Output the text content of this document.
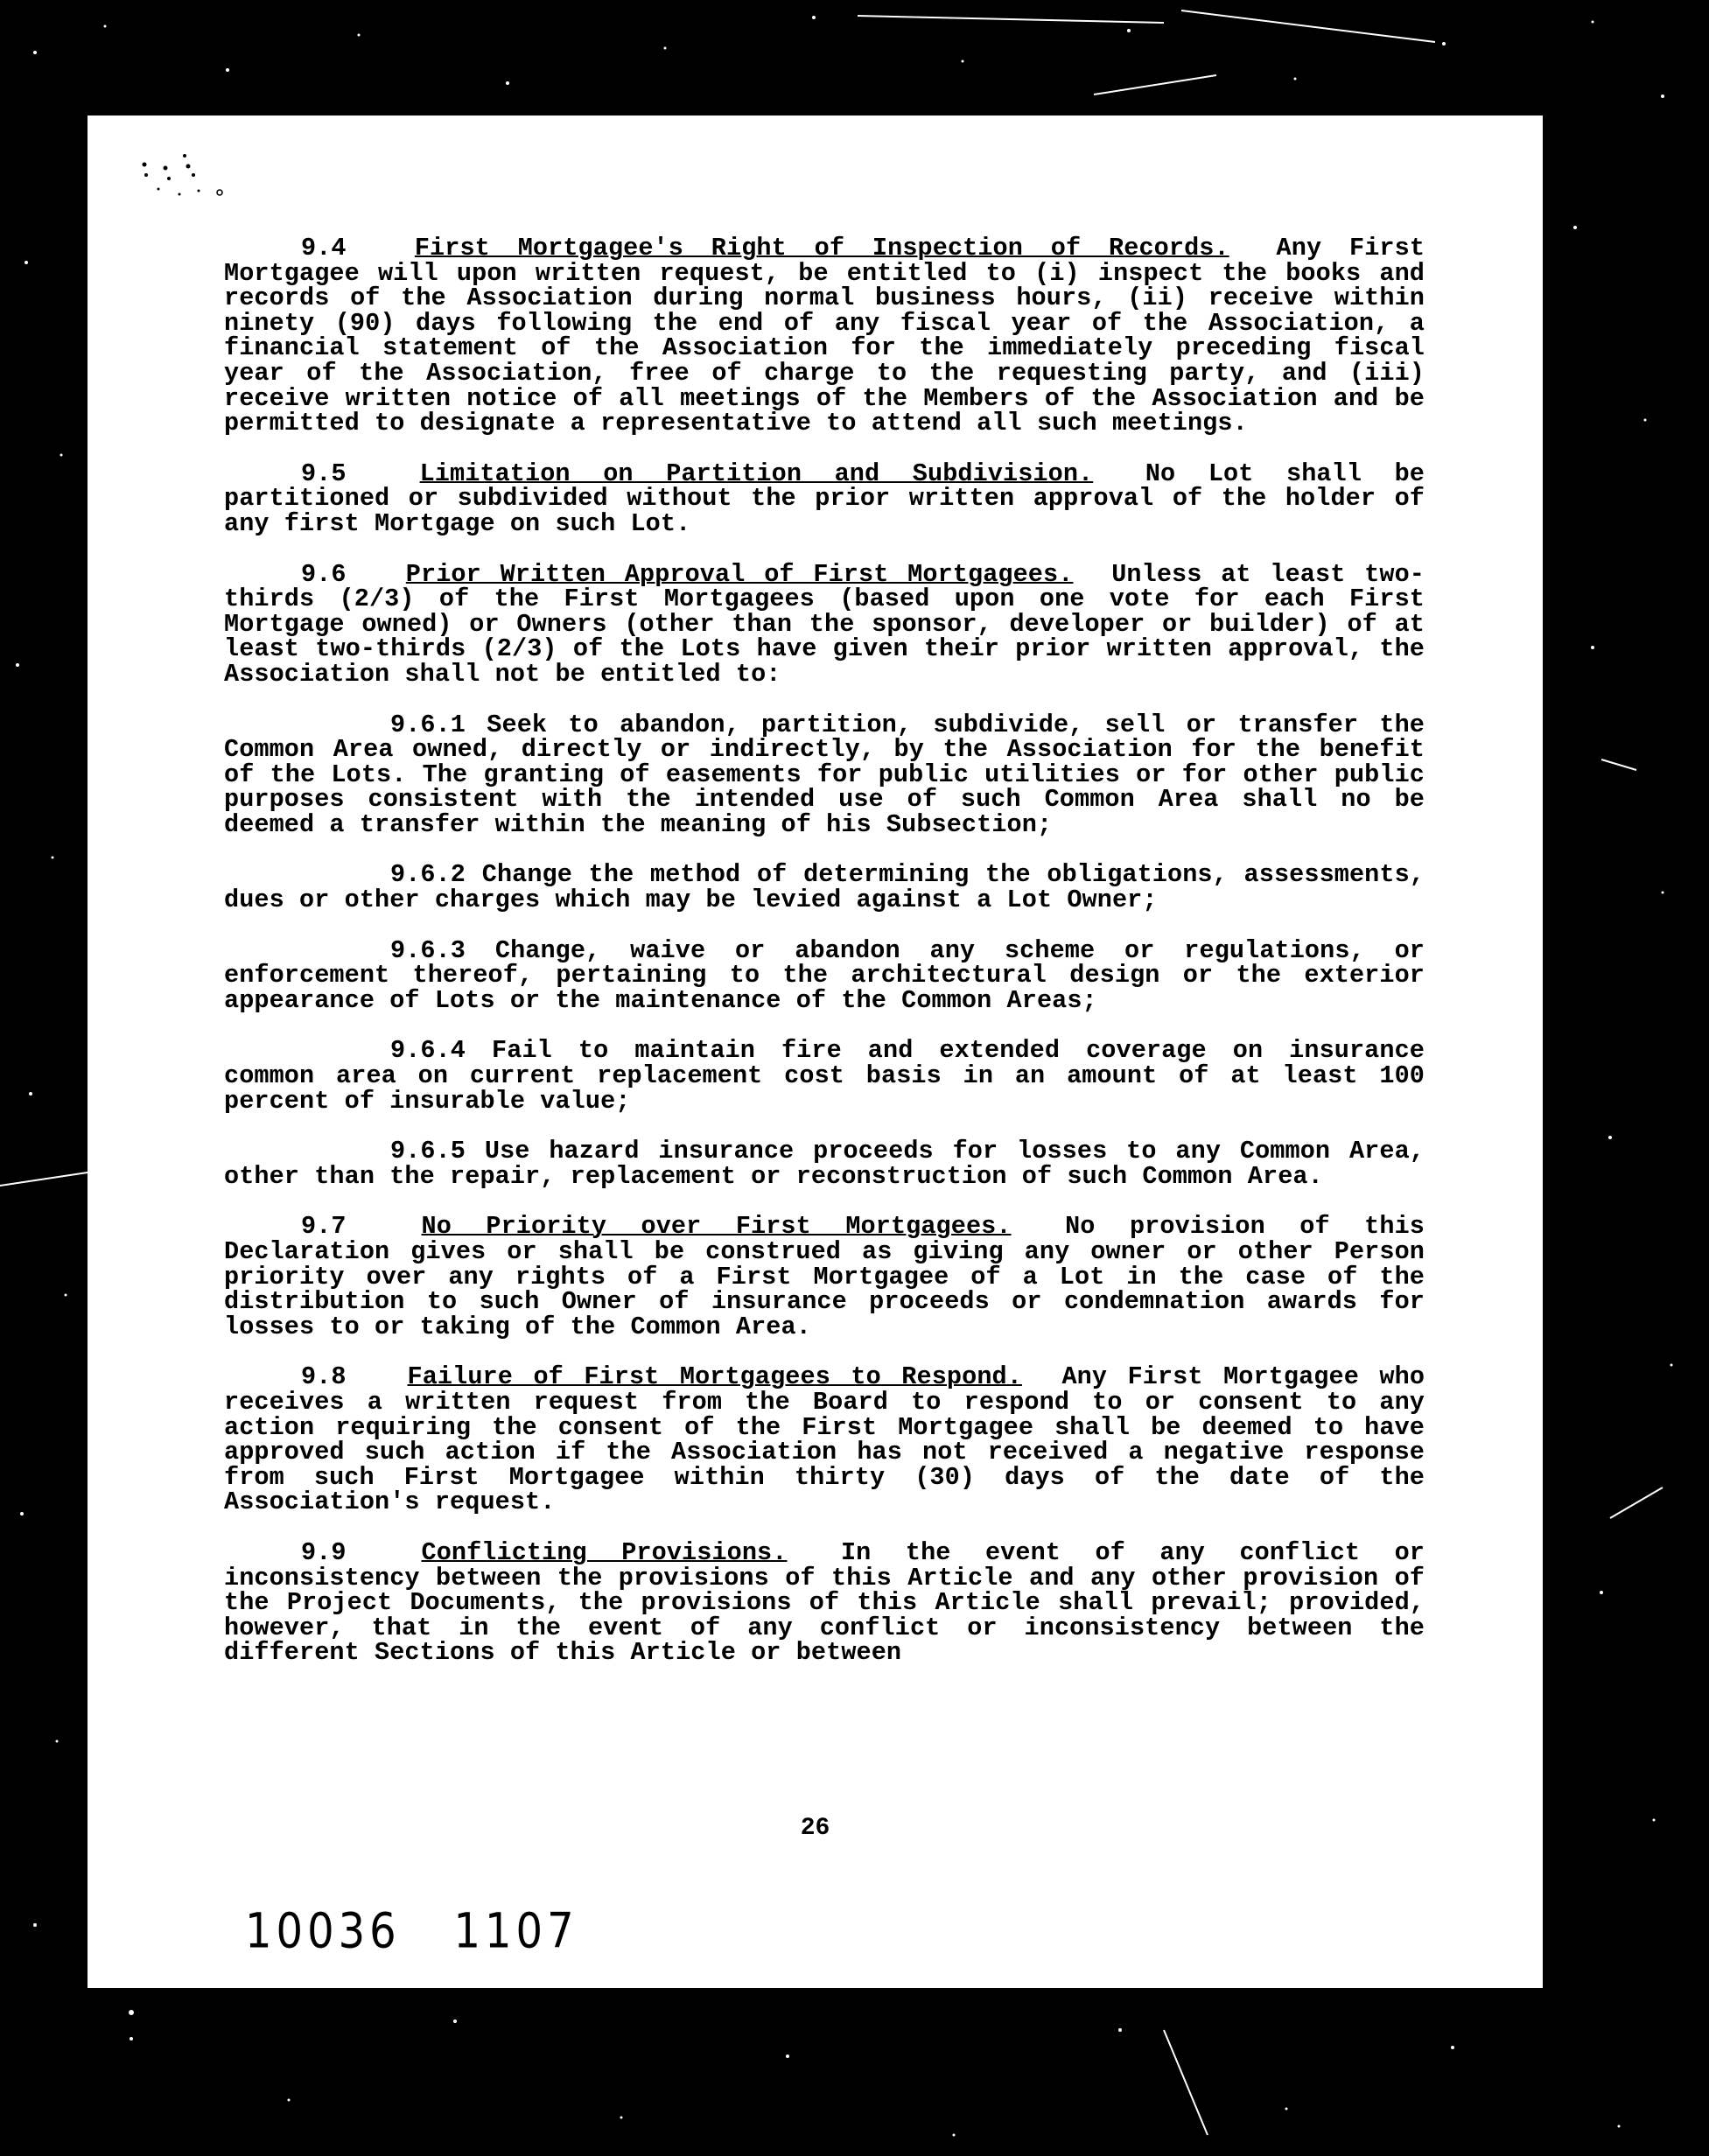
9.4	First Mortgagee's Right of Inspection of Records. Any First Mortgagee will upon written request, be entitled to (i) inspect the books and records of the Association during normal business hours, (ii) receive within ninety (90) days following the end of any fiscal year of the Association, a financial statement of the Association for the immediately preceding fiscal year of the Association, free of charge to the requesting party, and (iii) receive written notice of all meetings of the Members of the Association and be permitted to designate a representative to attend all such meetings.

9.5	Limitation on Partition and Subdivision. No Lot shall be partitioned or subdivided without the prior written approval of the holder of any first Mortgage on such Lot.

9.6 Prior Written Approval of First Mortgagees. Unless at least two-thirds (2/3) of the First Mortgagees (based upon one vote for each First Mortgage owned) or Owners (other than the sponsor, developer or builder) of at least two-thirds (2/3) of the Lots have given their prior written approval, the Association shall not be entitled to:

9.6.1 Seek to abandon, partition, subdivide, sell or transfer the Common Area owned, directly or indirectly, by the Association for the benefit of the Lots. The granting of easements for public utilities or for other public purposes consistent with the intended use of such Common Area shall no be deemed a transfer within the meaning of his Subsection;

9.6.2 Change the method of determining the obligations, assessments, dues or other charges which may be levied against a Lot Owner;

9.6.3 Change, waive or abandon any scheme or regulations, or enforcement thereof, pertaining to the architectural design or the exterior appearance of Lots or the maintenance of the Common Areas;

9.6.4 Fail to maintain fire and extended coverage on insurance common area on current replacement cost basis in an amount of at least 100 percent of insurable value;

9.6.5 Use hazard insurance proceeds for losses to any Common Area, other than the repair, replacement or reconstruction of such Common Area.

9.7	No Priority over First Mortgagees. No provision of this Declaration gives or shall be construed as giving any owner or other Person priority over any rights of a First Mortgagee of a Lot in the case of the distribution to such Owner of insurance proceeds or condemnation awards for losses to or taking of the Common Area.

9.8 Failure of First Mortgagees to Respond. Any First Mortgagee who receives a written request from the Board to respond to or consent to any action requiring the consent of the First Mortgagee shall be deemed to have approved such action if the Association has not received a negative response from such First Mortgagee within thirty (30) days of the date of the Association's request.

9.9	Conflicting Provisions. In the event of any conflict or inconsistency between the provisions of this Article and any other provision of the Project Documents, the provisions of this Article shall prevail; provided, however, that in the event of any conflict or inconsistency between the different Sections of this Article or between

26
10036   1107
